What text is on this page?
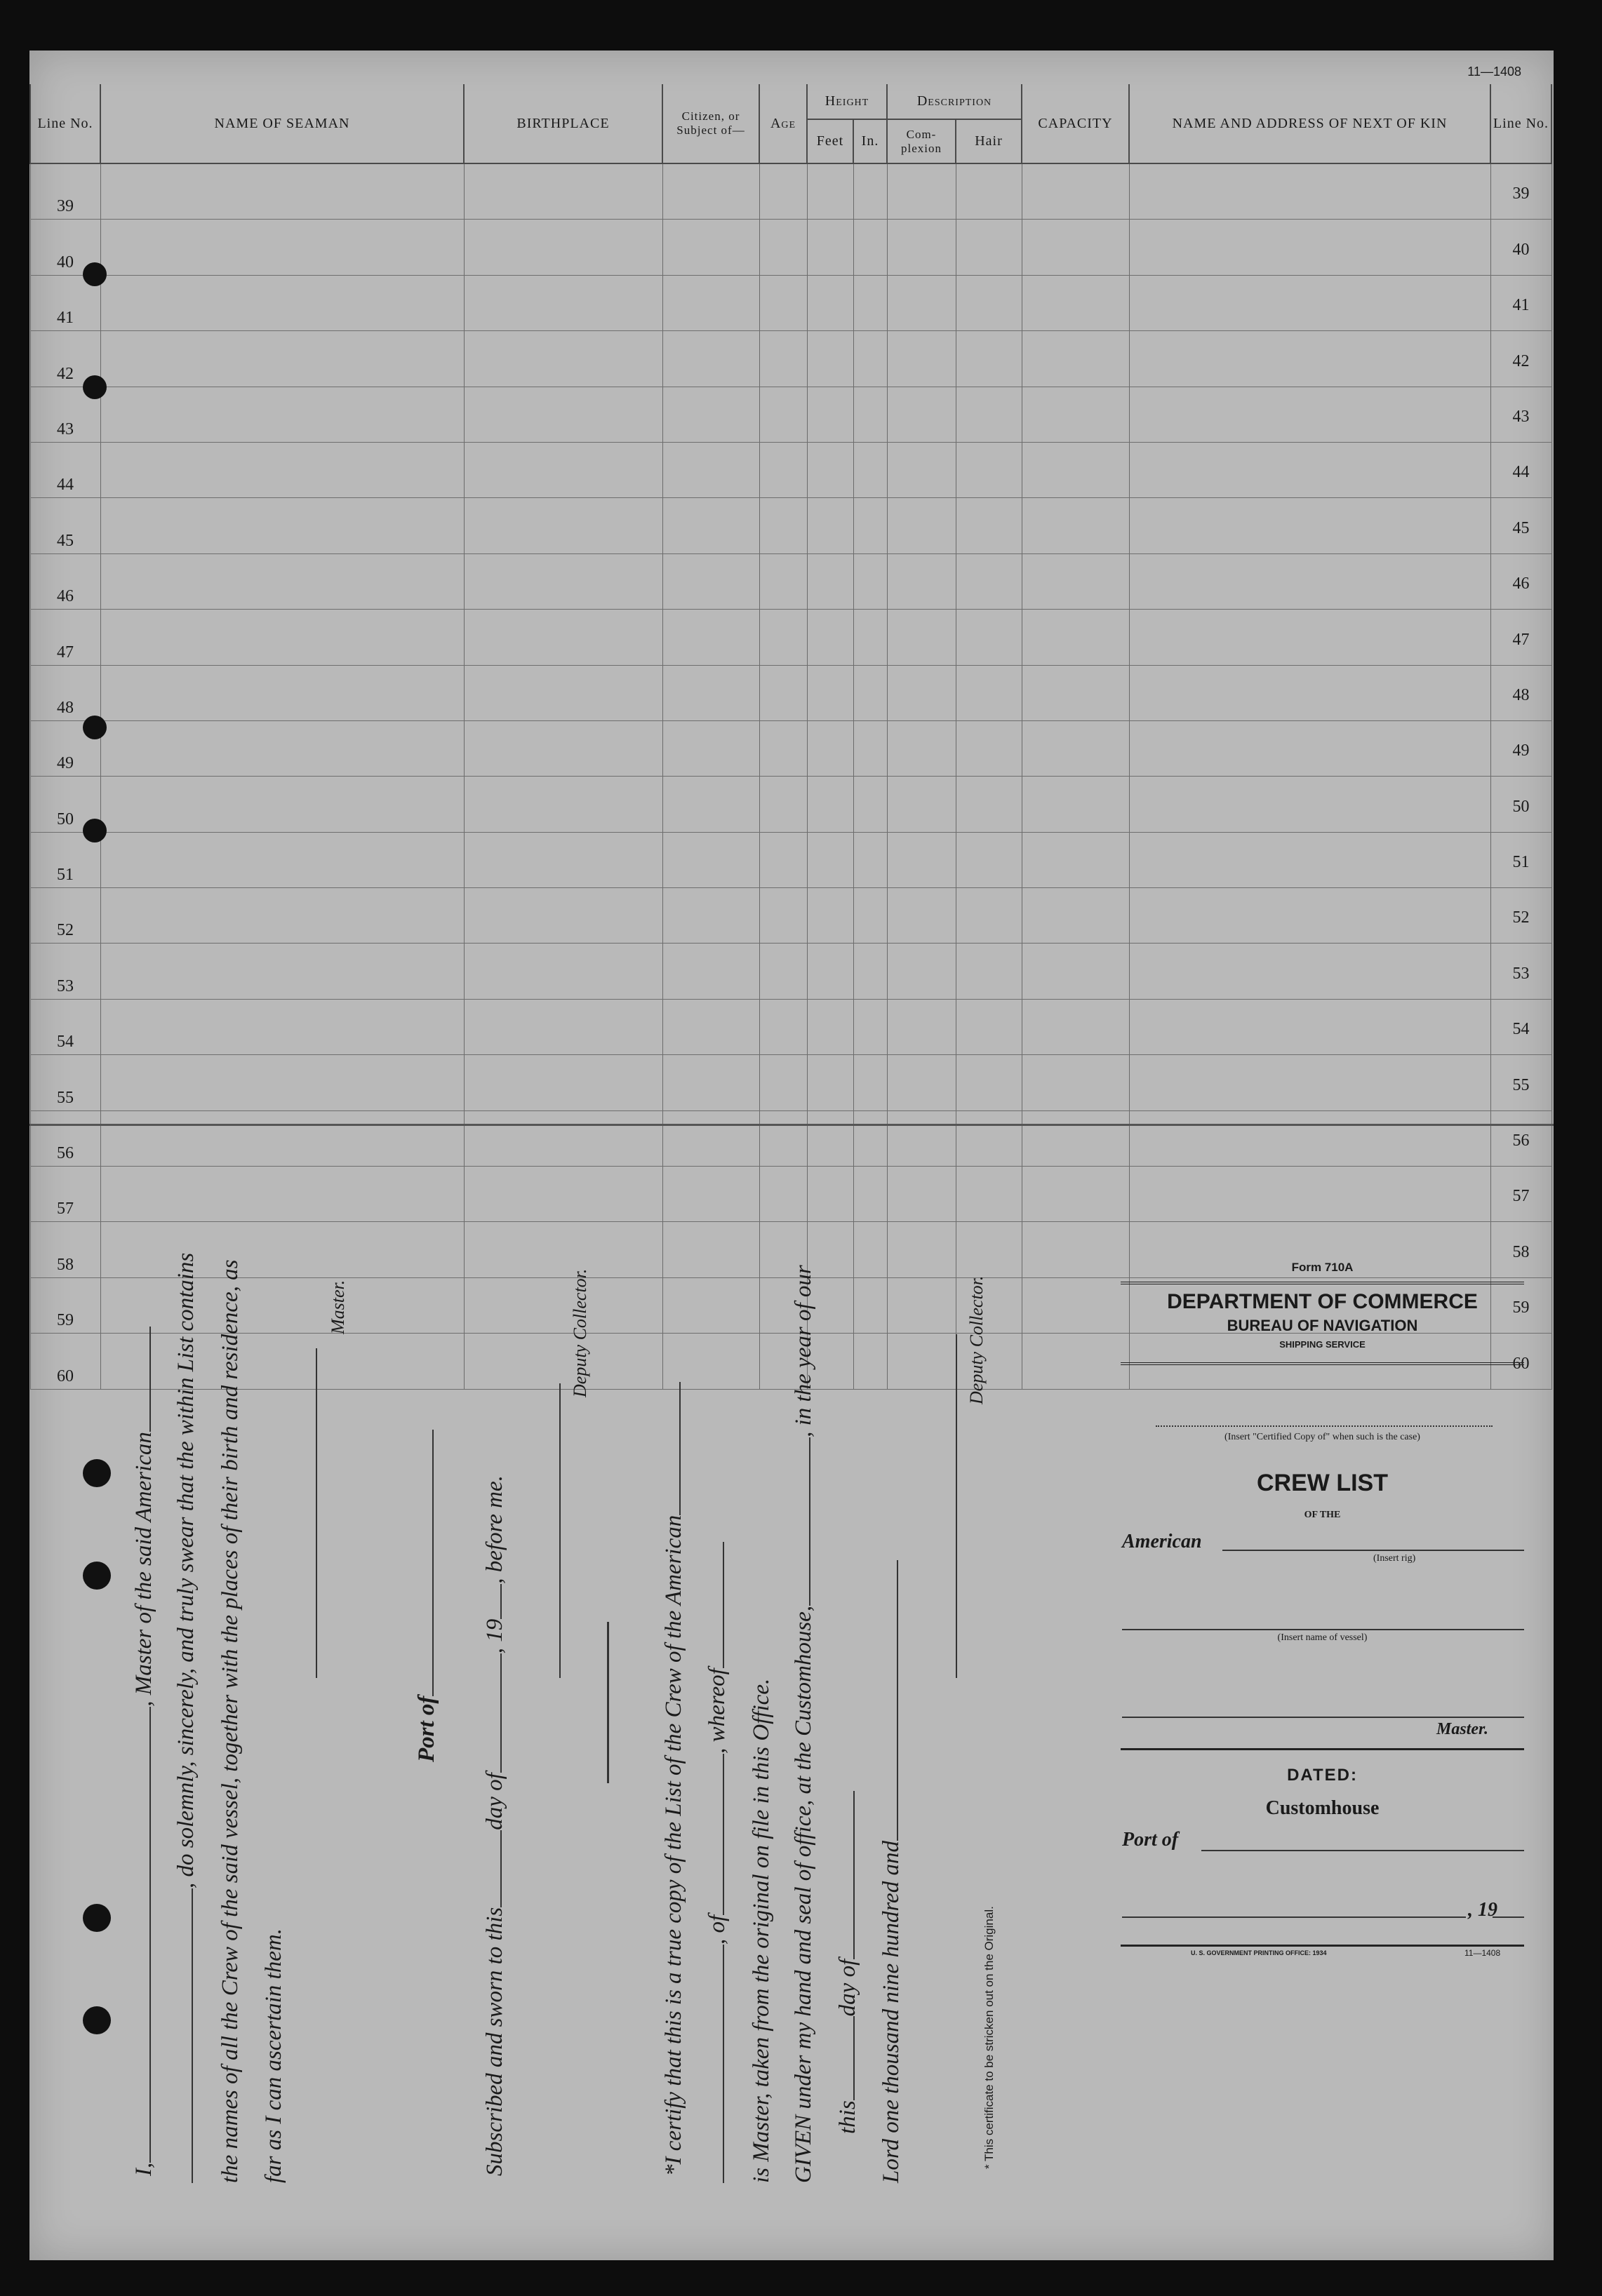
11—1408
Line No.	NAME OF SEAMAN	BIRTHPLACE	Citizen, or Subject of—	Age	Height		Description		CAPACITY	NAME AND ADDRESS OF NEXT OF KIN	Line No.
					Feet	In.	Com-plexion	Hair			
39											39
40											40
41											41
42											42
43											43
44											44
45											45
46											46
47											47
48											48
49											49
50											50
51											51
52											52
53											53
54											54
55											55
56											56
57											57
58											58
59											59
60											60
I,, Master of the said American , do solemnly, sincerely, and truly swear that the within List contains the names of all the Crew of the said vessel, together with the places of their birth and residence, as far as I can ascertain them.
Master.
Port of
Subscribed and sworn to thisday of, 19, before me.
Deputy Collector.
*I certify that this is a true copy of the List of the Crew of the American , of, whereof is Master, taken from the original on file in this Office. GIVEN under my hand and seal of office, at the Customhouse,, in the year of our
thisday of Lord one thousand nine hundred and
Deputy Collector.
* This certificate to be stricken out on the Original.
Form 710A
DEPARTMENT OF COMMERCE
BUREAU OF NAVIGATION
SHIPPING SERVICE
(Insert "Certified Copy of" when such is the case)
CREW LIST
OF THE
American
(Insert rig)
(Insert name of vessel)
Master.
DATED:
Customhouse
Port of
, 19
U. S. GOVERNMENT PRINTING OFFICE: 1934	11—1408
